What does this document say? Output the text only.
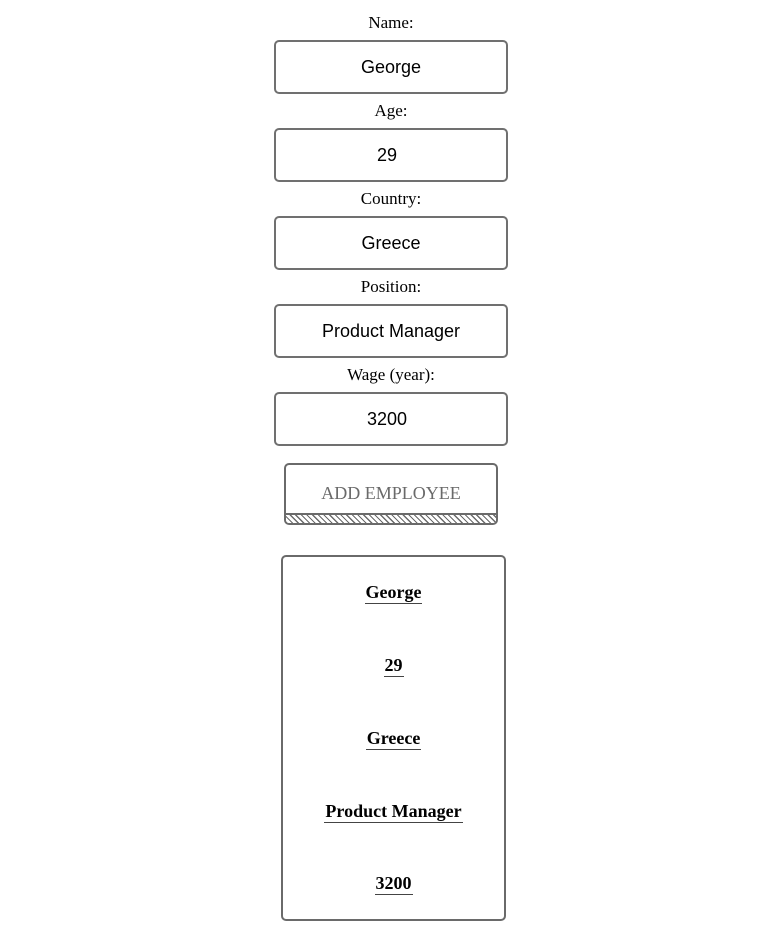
Name:
George
Age:
29
Country:
Greece
Position:
Product Manager
Wage (year):
3200
ADD EMPLOYEE
George
29
Greece
Product Manager
3200
